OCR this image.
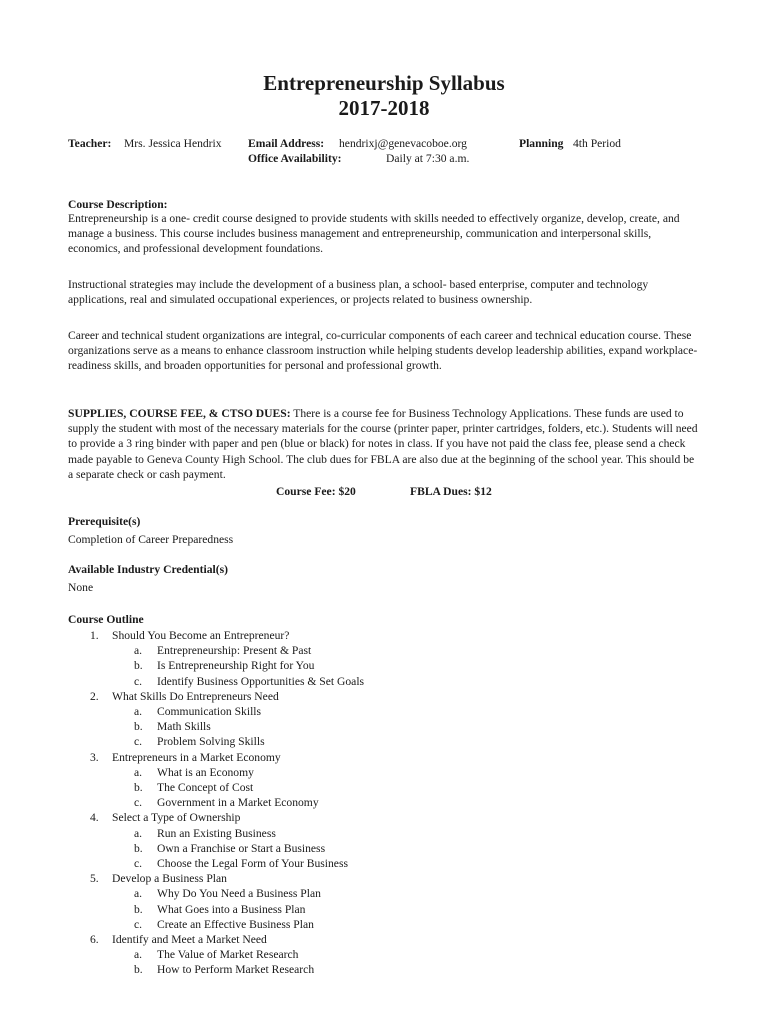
Entrepreneurship Syllabus
2017-2018
Teacher: Mrs. Jessica Hendrix Email Address: hendrixj@genevacoboe.org	Planning 4th Period
Office Availability:	Daily at 7:30 a.m.
Course Description:
Entrepreneurship is a one- credit course designed to provide students with skills needed to effectively organize, develop, create, and manage a business. This course includes business management and entrepreneurship, communication and interpersonal skills, economics, and professional development foundations.
Instructional strategies may include the development of a business plan, a school- based enterprise, computer and technology applications, real and simulated occupational experiences, or projects related to business ownership.
Career and technical student organizations are integral, co-curricular components of each career and technical education course. These organizations serve as a means to enhance classroom instruction while helping students develop leadership abilities, expand workplace-readiness skills, and broaden opportunities for personal and professional growth.
SUPPLIES, COURSE FEE, & CTSO DUES: There is a course fee for Business Technology Applications. These funds are used to supply the student with most of the necessary materials for the course (printer paper, printer cartridges, folders, etc.). Students will need to provide a 3 ring binder with paper and pen (blue or black) for notes in class. If you have not paid the class fee, please send a check made payable to Geneva County High School. The club dues for FBLA are also due at the beginning of the school year. This should be a separate check or cash payment.
Course Fee: $20	FBLA Dues: $12
Prerequisite(s)
Completion of Career Preparedness
Available Industry Credential(s)
None
Course Outline
1.	Should You Become an Entrepreneur?
a.	Entrepreneurship: Present & Past
b.	Is Entrepreneurship Right for You
c.	Identify Business Opportunities & Set Goals
2.	What Skills Do Entrepreneurs Need
a.	Communication Skills
b.	Math Skills
c.	Problem Solving Skills
3.	Entrepreneurs in a Market Economy
a.	What is an Economy
b.	The Concept of Cost
c.	Government in a Market Economy
4.	Select a Type of Ownership
a.	Run an Existing Business
b.	Own a Franchise or Start a Business
c.	Choose the Legal Form of Your Business
5.	Develop a Business Plan
a.	Why Do You Need a Business Plan
b.	What Goes into a Business Plan
c.	Create an Effective Business Plan
6.	Identify and Meet a Market Need
a.	The Value of Market Research
b.	How to Perform Market Research
